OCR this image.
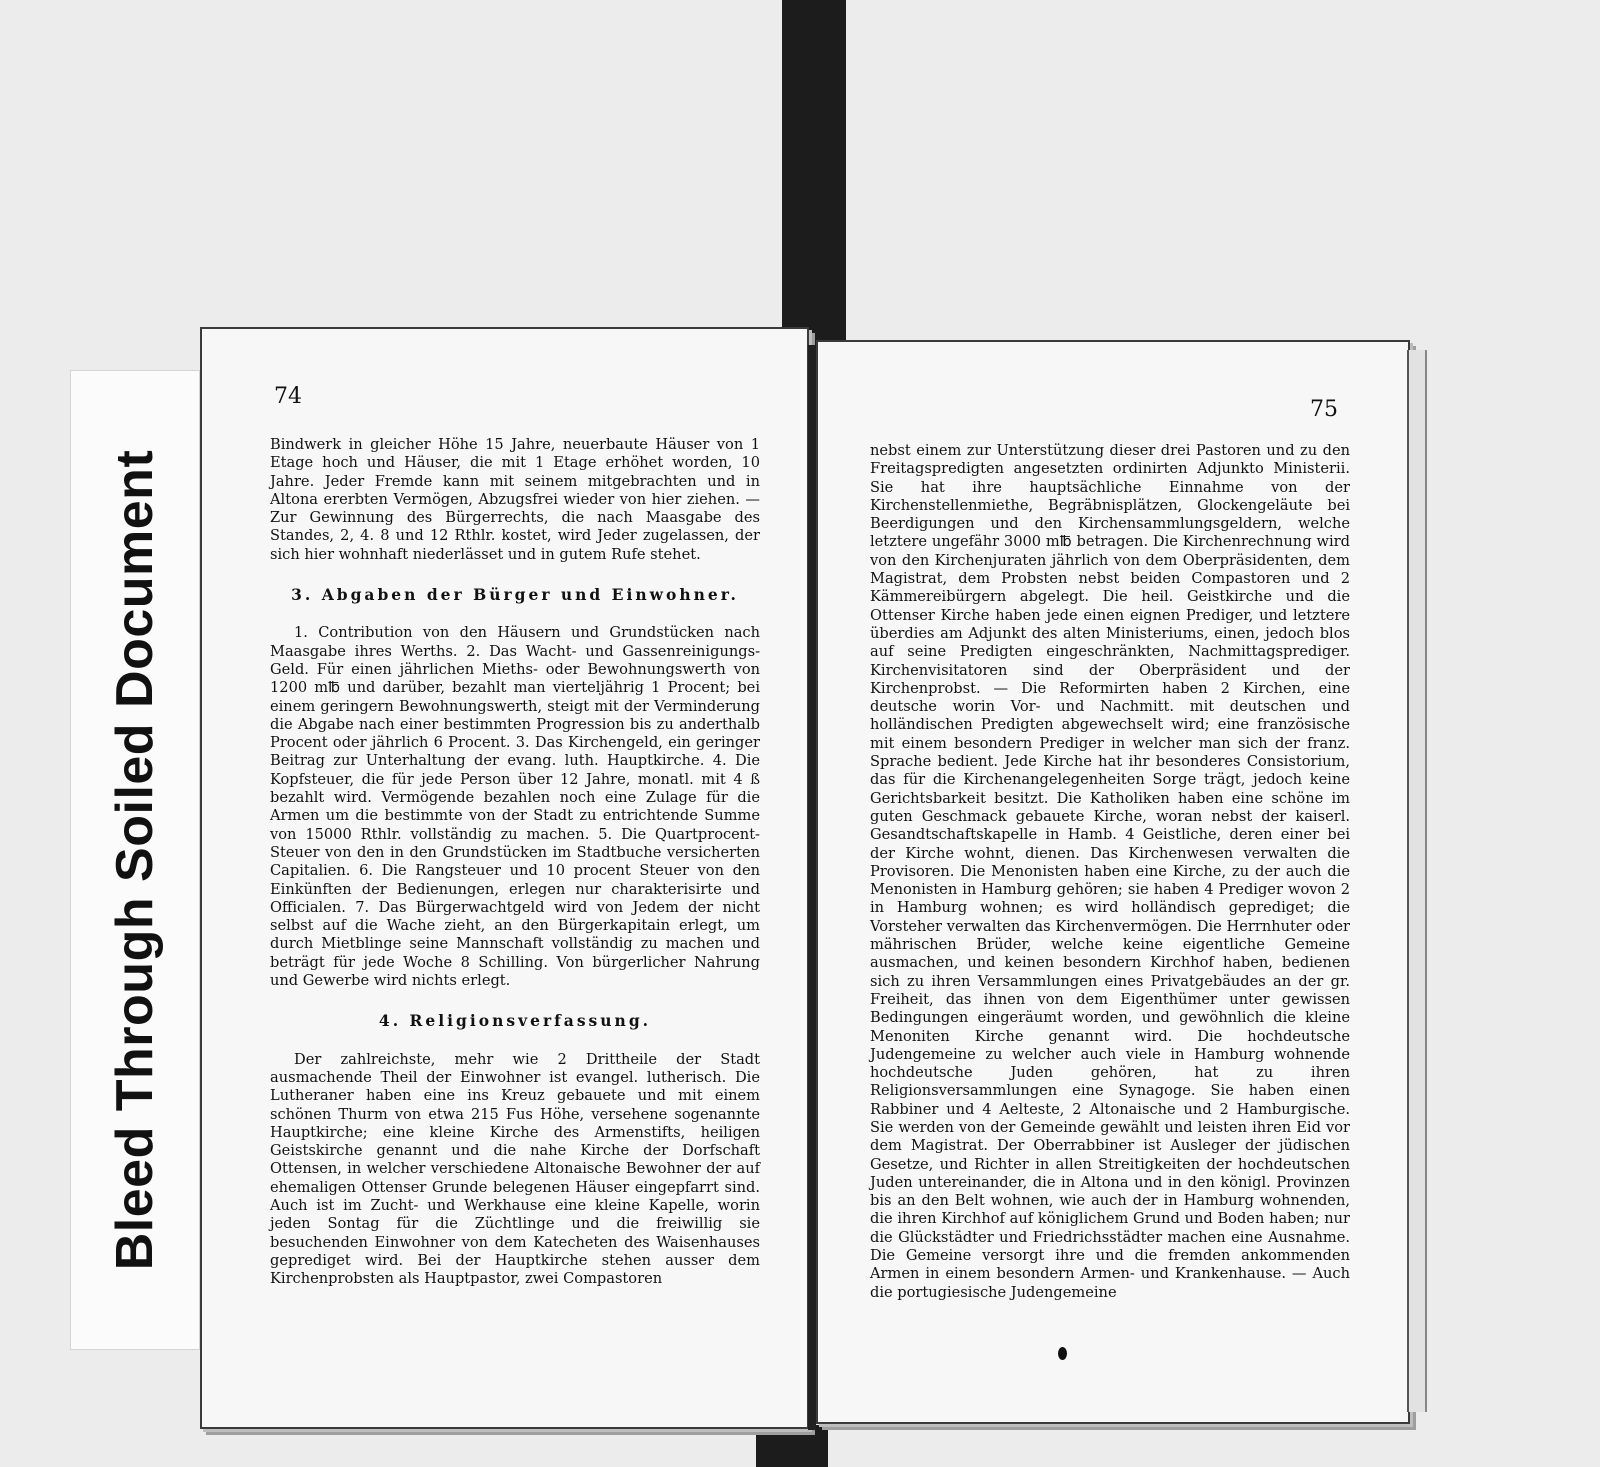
Bleed Through Soiled Document
74

Bindwerk in gleicher Höhe 15 Jahre, neuerbaute Häuser von 1 Etage hoch und Häuser, die mit 1 Etage erhöhet worden, 10 Jahre. Jeder Fremde kann mit seinem mitgebrachten und in Altona ererbten Vermögen, Abzugsfrei wieder von hier ziehen. — Zur Gewinnung des Bürgerrechts, die nach Maasgabe des Standes, 2, 4. 8 und 12 Rthlr. kostet, wird Jeder zugelassen, der sich hier wohnhaft niederlässet und in gutem Rufe stehet.

3. Abgaben der Bürger und Einwohner.

1. Contribution von den Häusern und Grundstücken nach Maasgabe ihres Werths. 2. Das Wacht- und Gassenreinigungs-Geld. Für einen jährlichen Mieths- oder Bewohnungswerth von 1200 m℔ und darüber, bezahlt man vierteljährig 1 Procent; bei einem geringern Bewohnungswerth, steigt mit der Verminderung die Abgabe nach einer bestimmten Progression bis zu anderthalb Procent oder jährlich 6 Procent. 3. Das Kirchengeld, ein geringer Beitrag zur Unterhaltung der evang. luth. Hauptkirche. 4. Die Kopfsteuer, die für jede Person über 12 Jahre, monatl. mit 4 ß bezahlt wird. Vermögende bezahlen noch eine Zulage für die Armen um die bestimmte von der Stadt zu entrichtende Summe von 15000 Rthlr. vollständig zu machen. 5. Die Quartprocent-Steuer von den in den Grundstücken im Stadtbuche versicherten Capitalien. 6. Die Rangsteuer und 10 procent Steuer von den Einkünften der Bedienungen, erlegen nur charakterisirte und Officialen. 7. Das Bürgerwachtgeld wird von Jedem der nicht selbst auf die Wache zieht, an den Bürgerkapitain erlegt, um durch Mietblinge seine Mannschaft vollständig zu machen und beträgt für jede Woche 8 Schilling. Von bürgerlicher Nahrung und Gewerbe wird nichts erlegt.

4. Religionsverfassung.

Der zahlreichste, mehr wie 2 Drittheile der Stadt ausmachende Theil der Einwohner ist evangel. lutherisch. Die Lutheraner haben eine ins Kreuz gebauete und mit einem schönen Thurm von etwa 215 Fus Höhe, versehene sogenannte Hauptkirche; eine kleine Kirche des Armenstifts, heiligen Geistskirche genannt und die nahe Kirche der Dorfschaft Ottensen, in welcher verschiedene Altonaische Bewohner der auf ehemaligen Ottenser Grunde belegenen Häuser eingepfarrt sind. Auch ist im Zucht- und Werkhause eine kleine Kapelle, worin jeden Sontag für die Züchtlinge und die freiwillig sie besuchenden Einwohner von dem Katecheten des Waisenhauses geprediget wird. Bei der Hauptkirche stehen ausser dem Kirchenprobsten als Hauptpastor, zwei Compastoren

75

nebst einem zur Unterstützung dieser drei Pastoren und zu den Freitagspredigten angesetzten ordinirten Adjunkto Ministerii. Sie hat ihre hauptsächliche Einnahme von der Kirchenstellenmiethe, Begräbnisplätzen, Glockengeläute bei Beerdigungen und den Kirchensammlungsgeldern, welche letztere ungefähr 3000 m℔ betragen. Die Kirchenrechnung wird von den Kirchenjuraten jährlich von dem Oberpräsidenten, dem Magistrat, dem Probsten nebst beiden Compastoren und 2 Kämmereibürgern abgelegt. Die heil. Geistkirche und die Ottenser Kirche haben jede einen eignen Prediger, und letztere überdies am Adjunkt des alten Ministeriums, einen, jedoch blos auf seine Predigten eingeschränkten, Nachmittagsprediger. Kirchenvisitatoren sind der Oberpräsident und der Kirchenprobst. — Die Reformirten haben 2 Kirchen, eine deutsche worin Vor- und Nachmitt. mit deutschen und holländischen Predigten abgewechselt wird; eine französische mit einem besondern Prediger in welcher man sich der franz. Sprache bedient. Jede Kirche hat ihr besonderes Consistorium, das für die Kirchenangelegenheiten Sorge trägt, jedoch keine Gerichtsbarkeit besitzt. Die Katholiken haben eine schöne im guten Geschmack gebauete Kirche, woran nebst der kaiserl. Gesandtschaftskapelle in Hamb. 4 Geistliche, deren einer bei der Kirche wohnt, dienen. Das Kirchenwesen verwalten die Provisoren. Die Menonisten haben eine Kirche, zu der auch die Menonisten in Hamburg gehören; sie haben 4 Prediger wovon 2 in Hamburg wohnen; es wird holländisch geprediget; die Vorsteher verwalten das Kirchenvermögen. Die Herrnhuter oder mährischen Brüder, welche keine eigentliche Gemeine ausmachen, und keinen besondern Kirchhof haben, bedienen sich zu ihren Versammlungen eines Privatgebäudes an der gr. Freiheit, das ihnen von dem Eigenthümer unter gewissen Bedingungen eingeräumt worden, und gewöhnlich die kleine Menoniten Kirche genannt wird. Die hochdeutsche Judengemeine zu welcher auch viele in Hamburg wohnende hochdeutsche Juden gehören, hat zu ihren Religionsversammlungen eine Synagoge. Sie haben einen Rabbiner und 4 Aelteste, 2 Altonaische und 2 Hamburgische. Sie werden von der Gemeinde gewählt und leisten ihren Eid vor dem Magistrat. Der Oberrabbiner ist Ausleger der jüdischen Gesetze, und Richter in allen Streitigkeiten der hochdeutschen Juden untereinander, die in Altona und in den königl. Provinzen bis an den Belt wohnen, wie auch der in Hamburg wohnenden, die ihren Kirchhof auf königlichem Grund und Boden haben; nur die Glückstädter und Friedrichsstädter machen eine Ausnahme. Die Gemeine versorgt ihre und die fremden ankommenden Armen in einem besondern Armen- und Krankenhause. — Auch die portugiesische Judengemeine
